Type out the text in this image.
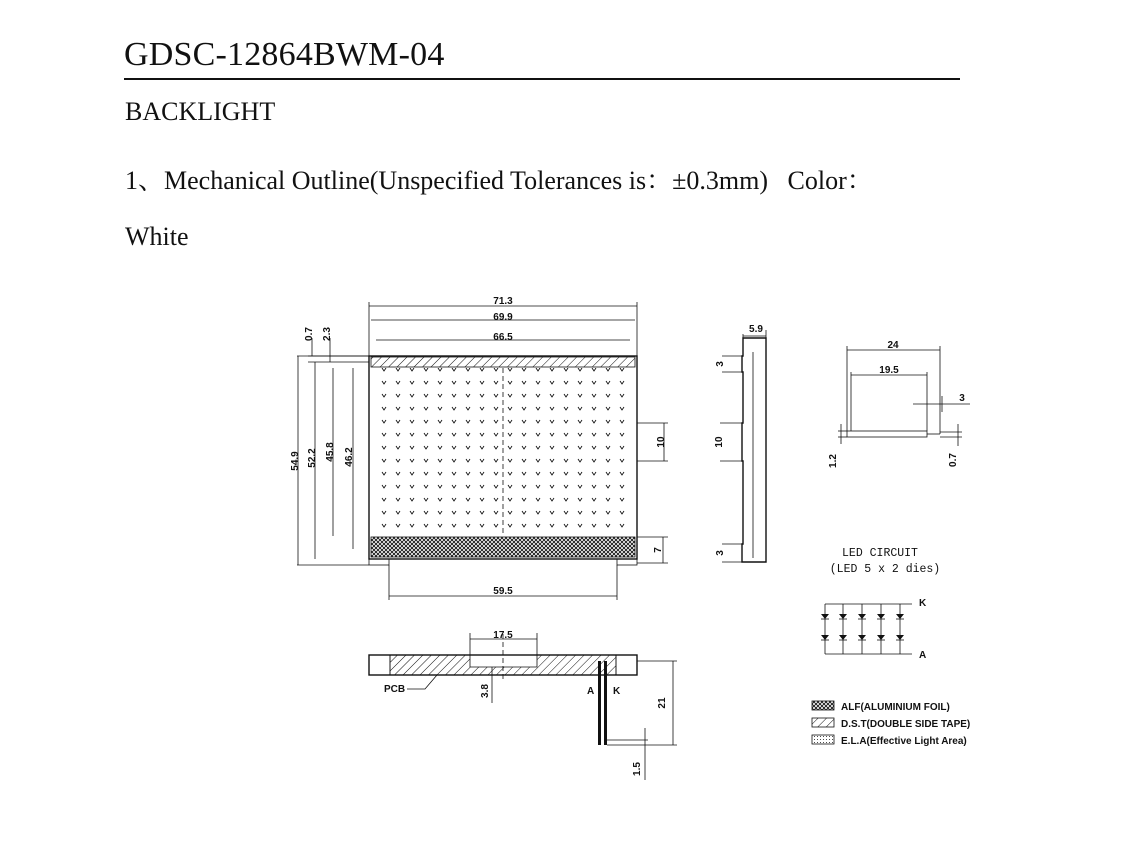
GDSC-12864BWM-04
BACKLIGHT
1、Mechanical Outline(Unspecified Tolerances is：±0.3mm)   Color：
White
71.3
69.9
66.5
0.7 2.3
54.9 52.2 45.8 46.2
10
7
59.5
5.9
3
10
3
24
19.5
3
1.2	0.7
LED CIRCUIT
(LED 5 x 2 dies)
K
A
17.5
3.8
PCB	A K
21
1.5
ALF(ALUMINIUM FOIL)
D.S.T(DOUBLE SIDE TAPE)
E.L.A(Effective Light Area)
